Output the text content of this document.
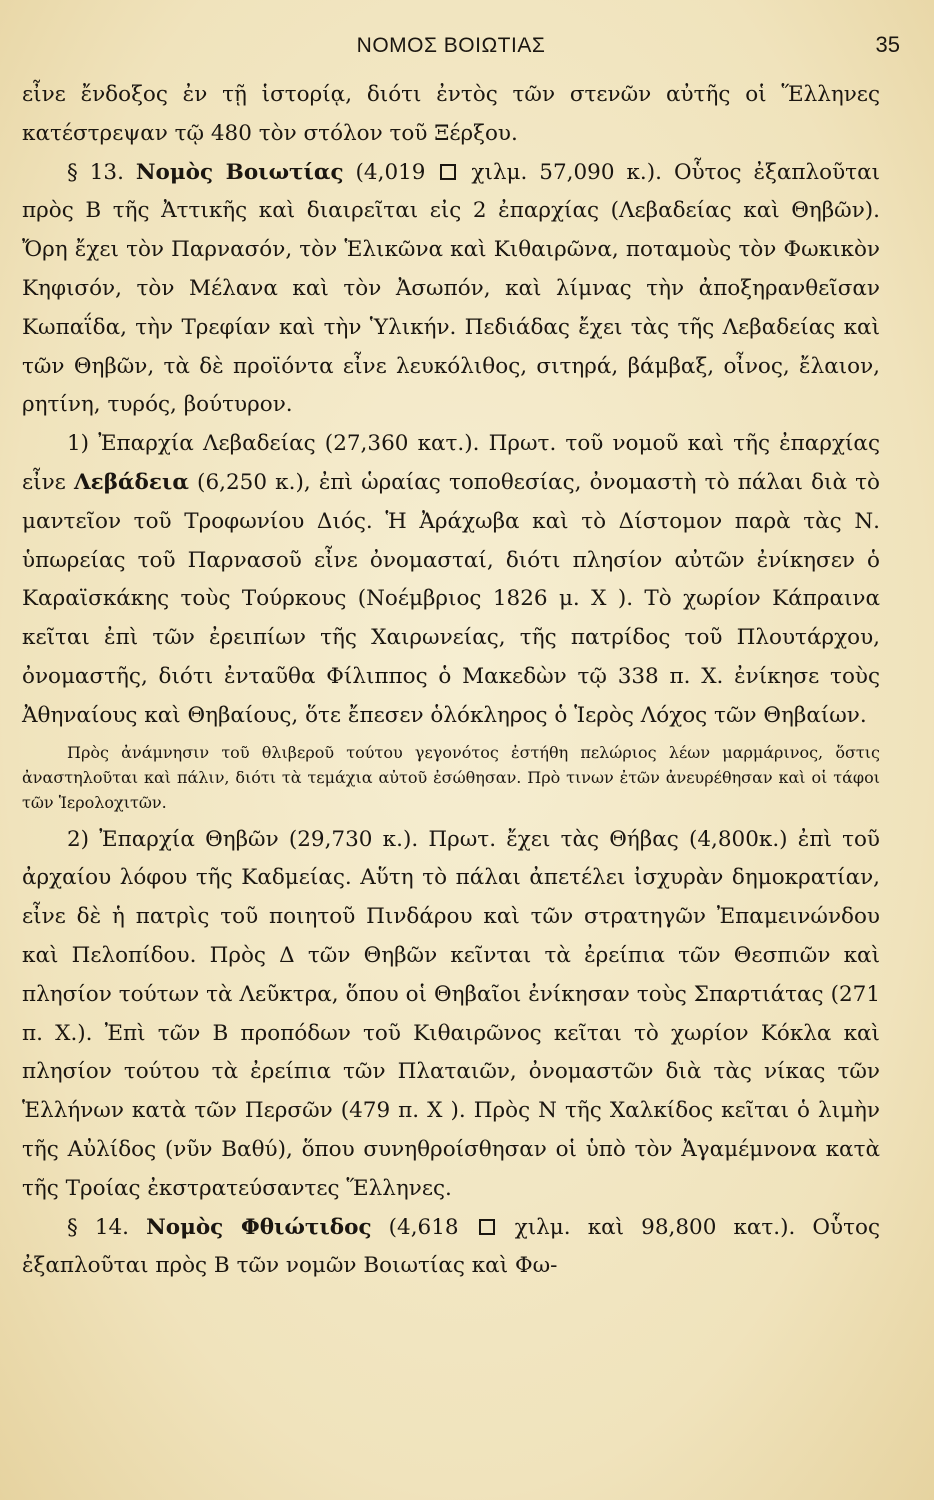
ΝΟΜΟΣ ΒΟΙΩΤΙΑΣ	35

εἶνε ἔνδοξος ἐν τῇ ἱστορίᾳ, διότι ἐντὸς τῶν στενῶν αὐτῆς οἱ Ἕλληνες κατέστρεψαν τῷ 480 τὸν στόλον τοῦ Ξέρξου.

§ 13. Νομὸς Βοιωτίας (4,019  χιλμ. 57,090 κ.). Οὗτος ἐξαπλοῦται πρὸς Β τῆς Ἀττικῆς καὶ διαιρεῖται εἰς 2 ἐπαρχίας (Λεβαδείας καὶ Θηβῶν). Ὄρη ἔχει τὸν Παρνασόν, τὸν Ἑλικῶνα καὶ Κιθαιρῶνα, ποταμοὺς τὸν Φωκικὸν Κηφισόν, τὸν Μέλανα καὶ τὸν Ἀσωπόν, καὶ λίμνας τὴν ἀποξηρανθεῖσαν Κωπαΐδα, τὴν Τρεφίαν καὶ τὴν Ὑλικήν. Πεδιάδας ἔχει τὰς τῆς Λεβαδείας καὶ τῶν Θηβῶν, τὰ δὲ προϊόντα εἶνε λευκόλιθος, σιτηρά, βάμβαξ, οἶνος, ἔλαιον, ρητίνη, τυρός, βούτυρον.

1) Ἐπαρχία Λεβαδείας (27,360 κατ.). Πρωτ. τοῦ νομοῦ καὶ τῆς ἐπαρχίας εἶνε Λεβάδεια (6,250 κ.), ἐπὶ ὡραίας τοποθεσίας, ὀνομαστὴ τὸ πάλαι διὰ τὸ μαντεῖον τοῦ Τροφωνίου Διός. Ἡ Ἀράχωβα καὶ τὸ Δίστομον παρὰ τὰς Ν. ὑπωρείας τοῦ Παρνασοῦ εἶνε ὀνομασταί, διότι πλησίον αὐτῶν ἐνίκησεν ὁ Καραϊσκάκης τοὺς Τούρκους (Νοέμβριος 1826 μ. Χ ). Τὸ χωρίον Κάπραινα κεῖται ἐπὶ τῶν ἐρειπίων τῆς Χαιρωνείας, τῆς πατρίδος τοῦ Πλουτάρχου, ὀνομαστῆς, διότι ἐνταῦθα Φίλιππος ὁ Μακεδὼν τῷ 338 π. Χ. ἐνίκησε τοὺς Ἀθηναίους καὶ Θηβαίους, ὅτε ἔπεσεν ὁλόκληρος ὁ Ἱερὸς Λόχος τῶν Θηβαίων.

Πρὸς ἀνάμνησιν τοῦ θλιβεροῦ τούτου γεγονότος ἐστήθη πελώριος λέων μαρμάρινος, ὅστις ἀναστηλοῦται καὶ πάλιν, διότι τὰ τεμάχια αὐτοῦ ἐσώθησαν. Πρὸ τινων ἐτῶν ἀνευρέθησαν καὶ οἱ τάφοι τῶν Ἱερολοχιτῶν.

2) Ἐπαρχία Θηβῶν (29,730 κ.). Πρωτ. ἔχει τὰς Θήβας (4,800κ.) ἐπὶ τοῦ ἀρχαίου λόφου τῆς Καδμείας. Αὕτη τὸ πάλαι ἀπετέλει ἰσχυρὰν δημοκρατίαν, εἶνε δὲ ἡ πατρὶς τοῦ ποιητοῦ Πινδάρου καὶ τῶν στρατηγῶν Ἐπαμεινώνδου καὶ Πελοπίδου. Πρὸς Δ τῶν Θηβῶν κεῖνται τὰ ἐρείπια τῶν Θεσπιῶν καὶ πλησίον τούτων τὰ Λεῦκτρα, ὅπου οἱ Θηβαῖοι ἐνίκησαν τοὺς Σπαρτιάτας (271 π. Χ.). Ἐπὶ τῶν Β προπόδων τοῦ Κιθαιρῶνος κεῖται τὸ χωρίον Κόκλα καὶ πλησίον τούτου τὰ ἐρείπια τῶν Πλαταιῶν, ὀνομαστῶν διὰ τὰς νίκας τῶν Ἑλλήνων κατὰ τῶν Περσῶν (479 π. Χ ). Πρὸς Ν τῆς Χαλκίδος κεῖται ὁ λιμὴν τῆς Αὐλίδος (νῦν Βαθύ), ὅπου συνηθροίσθησαν οἱ ὑπὸ τὸν Ἀγαμέμνονα κατὰ τῆς Τροίας ἐκστρατεύσαντες Ἕλληνες.

§ 14. Νομὸς Φθιώτιδος (4,618  χιλμ. καὶ 98,800 κατ.). Οὗτος ἐξαπλοῦται πρὸς Β τῶν νομῶν Βοιωτίας καὶ Φω-
